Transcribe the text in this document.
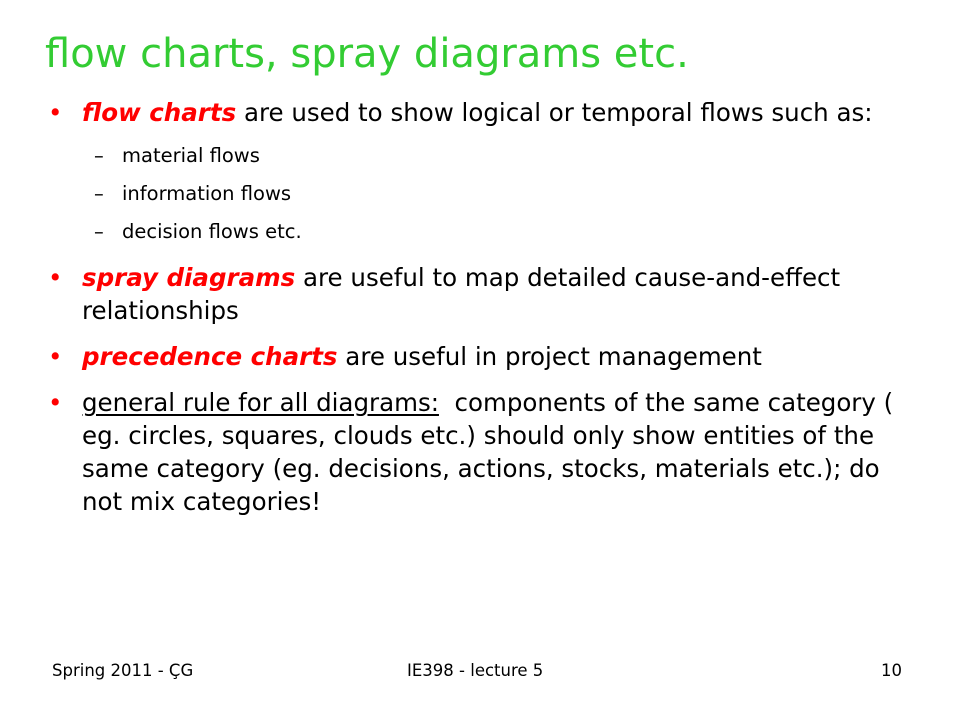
flow charts, spray diagrams etc.
• flow charts are used to show logical or temporal flows such as:
– material flows
– information flows
– decision flows etc.
• spray diagrams are useful to map detailed cause-and-effect relationships
• precedence charts are useful in project management
• general rule for all diagrams:  components of the same category ( eg. circles, squares, clouds etc.) should only show entities of the same category (eg. decisions, actions, stocks, materials etc.); do not mix categories!
Spring 2011 - ÇG	IE398 - lecture 5	10
